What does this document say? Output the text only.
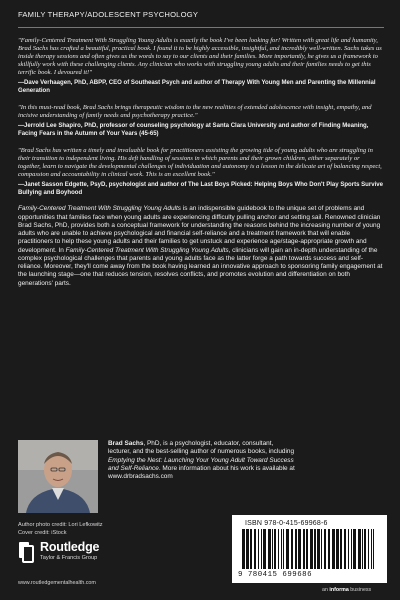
FAMILY THERAPY/ADOLESCENT PSYCHOLOGY

"Family-Centered Treatment With Struggling Young Adults is exactly the book I've been looking for! Written with great life and humanity, Brad Sachs has crafted a beautiful, practical book. I found it to be highly accessible, insightful, and incredibly well-written. Sachs takes us inside therapy sessions and often gives us the words to say to our clients and their families. More importantly, he gives us a framework to skillfully work with these challenging clients. Any clinician who works with struggling young adults and their families needs to get this terrific book. I devoured it!"

—Dave Verhaagen, PhD, ABPP, CEO of Southeast Psych and author of Therapy With Young Men and Parenting the Millennial Generation

"In this must-read book, Brad Sachs brings therapeutic wisdom to the new realities of extended adolescence with insight, empathy, and incisive understanding of family needs and psychotherapy practice."

—Jerrold Lee Shapiro, PhD, professor of counseling psychology at Santa Clara University and author of Finding Meaning, Facing Fears in the Autumn of Your Years (45-65)

"Brad Sachs has written a timely and invaluable book for practitioners assisting the growing tide of young adults who are struggling in their transition to independent living. His deft handling of sessions in which parents and their grown children, either separately or together, learn to navigate the developmental challenges of individuation and autonomy is a lesson in the delicate art of balancing respect, compassion and accountability in clinical work. This is an excellent book."

—Janet Sasson Edgette, PsyD, psychologist and author of The Last Boys Picked: Helping Boys Who Don't Play Sports Survive Bullying and Boyhood

Family-Centered Treatment With Struggling Young Adults is an indispensible guidebook to the unique set of problems and opportunities that families face when young adults are experiencing difficulty pulling anchor and setting sail. Renowned clinician Brad Sachs, PhD, provides both a conceptual framework for understanding the reasons behind the increasing number of young adults who are unable to achieve psychological and financial self-reliance and a treatment framework that will enable practitioners to help these young adults and their families to get unstuck and experience age/stage-appropriate growth and development. In Family-Centered Treatment With Struggling Young Adults, clinicians will gain an in-depth understanding of the complex psychological challenges that parents and young adults face as the latter forge a path towards success and self-reliance. Moreover, they'll come away from the book having learned an innovative approach to sponsoring family engagement at the launching stage—one that reduces tension, resolves conflicts, and promotes evolution and differentiation on both generations' parts.

Brad Sachs, PhD, is a psychologist, educator, consultant, lecturer, and the best-selling author of numerous books, including Emptying the Nest: Launching Your Young Adult Toward Success and Self-Reliance. More information about his work is available at www.drbradsachs.com
Author photo credit: Lori Lefkowitz
Cover credit: iStock
Routledge
Taylor & Francis Group
www.routledgementalhealth.com
ISBN 978-0-415-69968-6
9 780415 699686
an informa business
